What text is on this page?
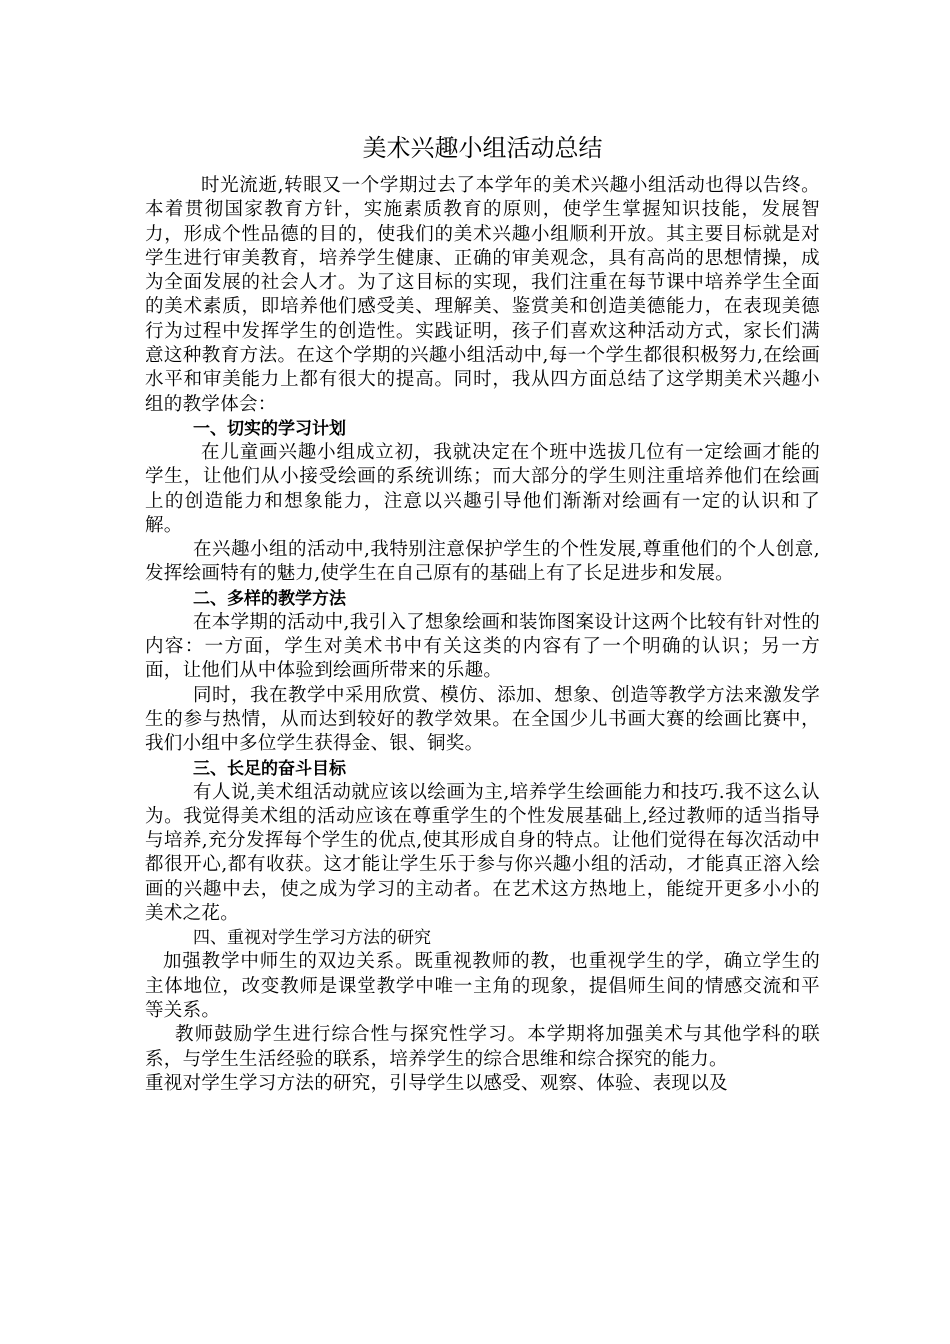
美术兴趣小组活动总结

时光流逝,转眼又一个学期过去了本学年的美术兴趣小组活动也得以告终。本着贯彻国家教育方针，实施素质教育的原则，使学生掌握知识技能，发展智力，形成个性品德的目的，使我们的美术兴趣小组顺利开放。其主要目标就是对学生进行审美教育，培养学生健康、正确的审美观念，具有高尚的思想情操，成为全面发展的社会人才。为了这目标的实现，我们注重在每节课中培养学生全面的美术素质，即培养他们感受美、理解美、鉴赏美和创造美德能力，在表现美德行为过程中发挥学生的创造性。实践证明，孩子们喜欢这种活动方式，家长们满意这种教育方法。在这个学期的兴趣小组活动中,每一个学生都很积极努力,在绘画水平和审美能力上都有很大的提高。同时，我从四方面总结了这学期美术兴趣小组的教学体会：

一、切实的学习计划

在儿童画兴趣小组成立初，我就决定在个班中选拔几位有一定绘画才能的学生，让他们从小接受绘画的系统训练；而大部分的学生则注重培养他们在绘画上的创造能力和想象能力，注意以兴趣引导他们渐渐对绘画有一定的认识和了解。

在兴趣小组的活动中,我特别注意保护学生的个性发展,尊重他们的个人创意,发挥绘画特有的魅力,使学生在自己原有的基础上有了长足进步和发展。

二、多样的教学方法

在本学期的活动中,我引入了想象绘画和装饰图案设计这两个比较有针对性的内容：一方面，学生对美术书中有关这类的内容有了一个明确的认识；另一方面，让他们从中体验到绘画所带来的乐趣。

同时，我在教学中采用欣赏、模仿、添加、想象、创造等教学方法来激发学生的参与热情，从而达到较好的教学效果。在全国少儿书画大赛的绘画比赛中，我们小组中多位学生获得金、银、铜奖。

三、长足的奋斗目标

有人说,美术组活动就应该以绘画为主,培养学生绘画能力和技巧.我不这么认为。我觉得美术组的活动应该在尊重学生的个性发展基础上,经过教师的适当指导与培养,充分发挥每个学生的优点,使其形成自身的特点。让他们觉得在每次活动中都很开心,都有收获。这才能让学生乐于参与你兴趣小组的活动，才能真正溶入绘画的兴趣中去，使之成为学习的主动者。在艺术这方热地上，能绽开更多小小的美术之花。

四、重视对学生学习方法的研究

加强教学中师生的双边关系。既重视教师的教，也重视学生的学，确立学生的主体地位，改变教师是课堂教学中唯一主角的现象，提倡师生间的情感交流和平等关系。

教师鼓励学生进行综合性与探究性学习。本学期将加强美术与其他学科的联系，与学生生活经验的联系，培养学生的综合思维和综合探究的能力。

重视对学生学习方法的研究，引导学生以感受、观察、体验、表现以及
